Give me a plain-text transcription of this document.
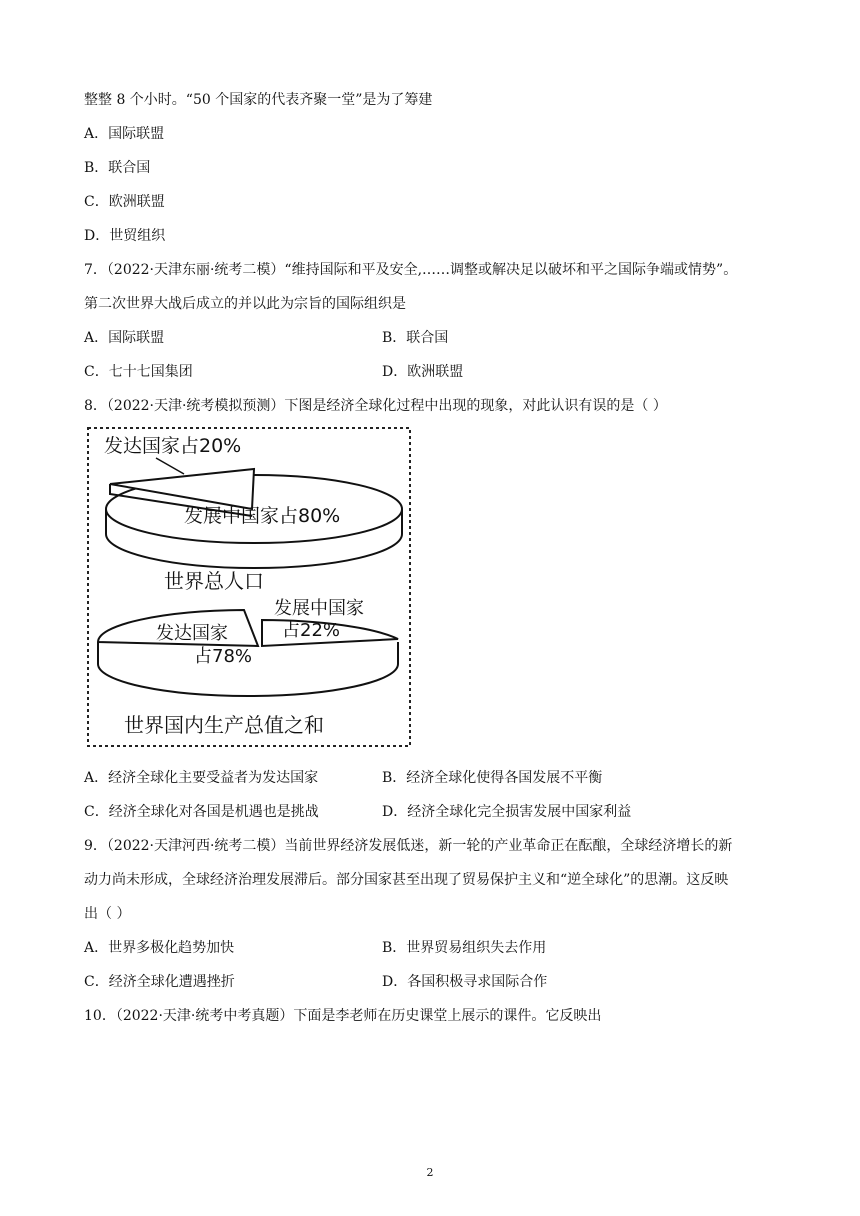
整整 8 个小时。“50 个国家的代表齐聚一堂”是为了筹建
A．国际联盟
B．联合国
C．欧洲联盟
D．世贸组织
7．（2022·天津东丽·统考二模）“维持国际和平及安全,……调整或解决足以破坏和平之国际争端或情势”。
第二次世界大战后成立的并以此为宗旨的国际组织是
A．国际联盟	B．联合国
C．七十七国集团	D．欧洲联盟
8．（2022·天津·统考模拟预测）下图是经济全球化过程中出现的现象，对此认识有误的是（ ）
发达国家占20%
发展中国家占80%
世界总人口
发展中国家
占22%
发达国家
占78%
世界国内生产总值之和
A．经济全球化主要受益者为发达国家	B．经济全球化使得各国发展不平衡
C．经济全球化对各国是机遇也是挑战	D．经济全球化完全损害发展中国家利益
9．（2022·天津河西·统考二模）当前世界经济发展低迷，新一轮的产业革命正在酝酿，全球经济增长的新
动力尚未形成，全球经济治理发展滞后。部分国家甚至出现了贸易保护主义和“逆全球化”的思潮。这反映
出（ ）
A．世界多极化趋势加快	B．世界贸易组织失去作用
C．经济全球化遭遇挫折	D．各国积极寻求国际合作
10．（2022·天津·统考中考真题）下面是李老师在历史课堂上展示的课件。它反映出
2
